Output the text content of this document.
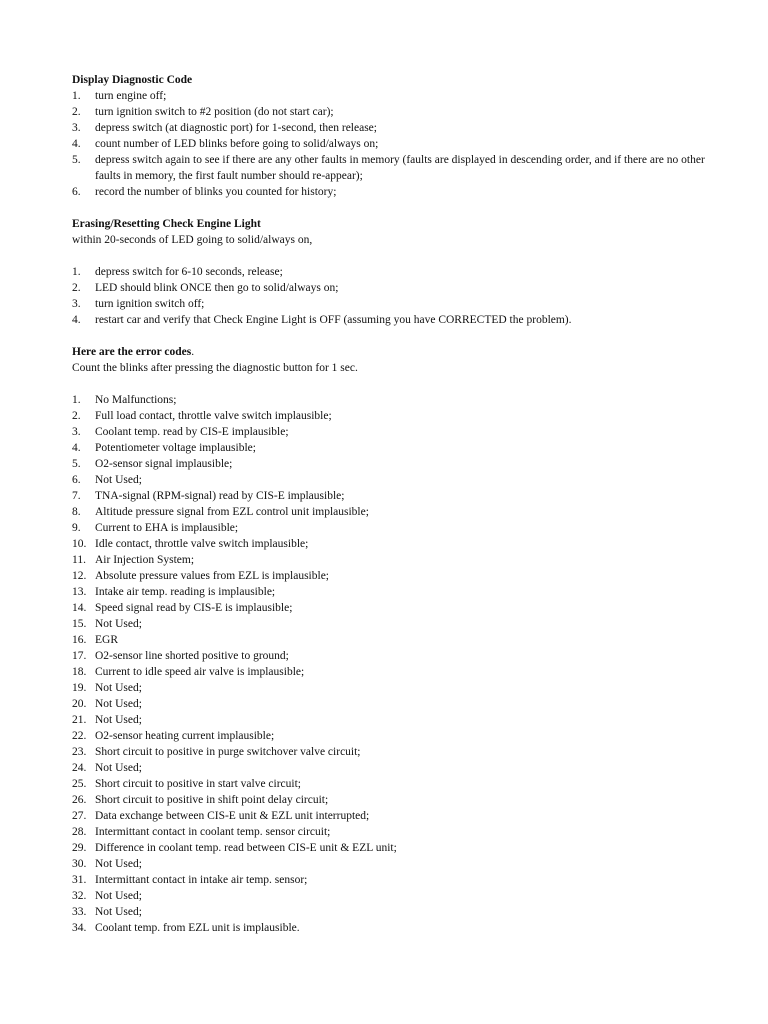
Display Diagnostic Code
1.	turn engine off;
2.	turn ignition switch to #2 position (do not start car);
3.	depress switch (at diagnostic port) for 1-second, then release;
4.	count number of LED blinks before going to solid/always on;
5.	depress switch again to see if there are any other faults in memory (faults are displayed in descending order, and if there are no other faults in memory, the first fault number should re-appear);
6.	record the number of blinks you counted for history;
Erasing/Resetting Check Engine Light
within 20-seconds of LED going to solid/always on,
1.	depress switch for 6-10 seconds, release;
2.	LED should blink ONCE then go to solid/always on;
3.	turn ignition switch off;
4.	restart car and verify that Check Engine Light is OFF (assuming you have CORRECTED the problem).
Here are the error codes.
Count the blinks after pressing the diagnostic button for 1 sec.
1.	No Malfunctions;
2.	Full load contact, throttle valve switch implausible;
3.	Coolant temp. read by CIS-E implausible;
4.	Potentiometer voltage implausible;
5.	O2-sensor signal implausible;
6.	Not Used;
7.	TNA-signal (RPM-signal) read by CIS-E implausible;
8.	Altitude pressure signal from EZL control unit implausible;
9.	Current to EHA is implausible;
10. Idle contact, throttle valve switch implausible;
11. Air Injection System;
12. Absolute pressure values from EZL is implausible;
13. Intake air temp. reading is implausible;
14. Speed signal read by CIS-E is implausible;
15. Not Used;
16. EGR
17. O2-sensor line shorted positive to ground;
18. Current to idle speed air valve is implausible;
19. Not Used;
20. Not Used;
21. Not Used;
22. O2-sensor heating current implausible;
23. Short circuit to positive in purge switchover valve circuit;
24. Not Used;
25. Short circuit to positive in start valve circuit;
26. Short circuit to positive in shift point delay circuit;
27. Data exchange between CIS-E unit & EZL unit interrupted;
28. Intermittant contact in coolant temp. sensor circuit;
29. Difference in coolant temp. read between CIS-E unit & EZL unit;
30. Not Used;
31. Intermittant contact in intake air temp. sensor;
32. Not Used;
33. Not Used;
34. Coolant temp. from EZL unit is implausible.
